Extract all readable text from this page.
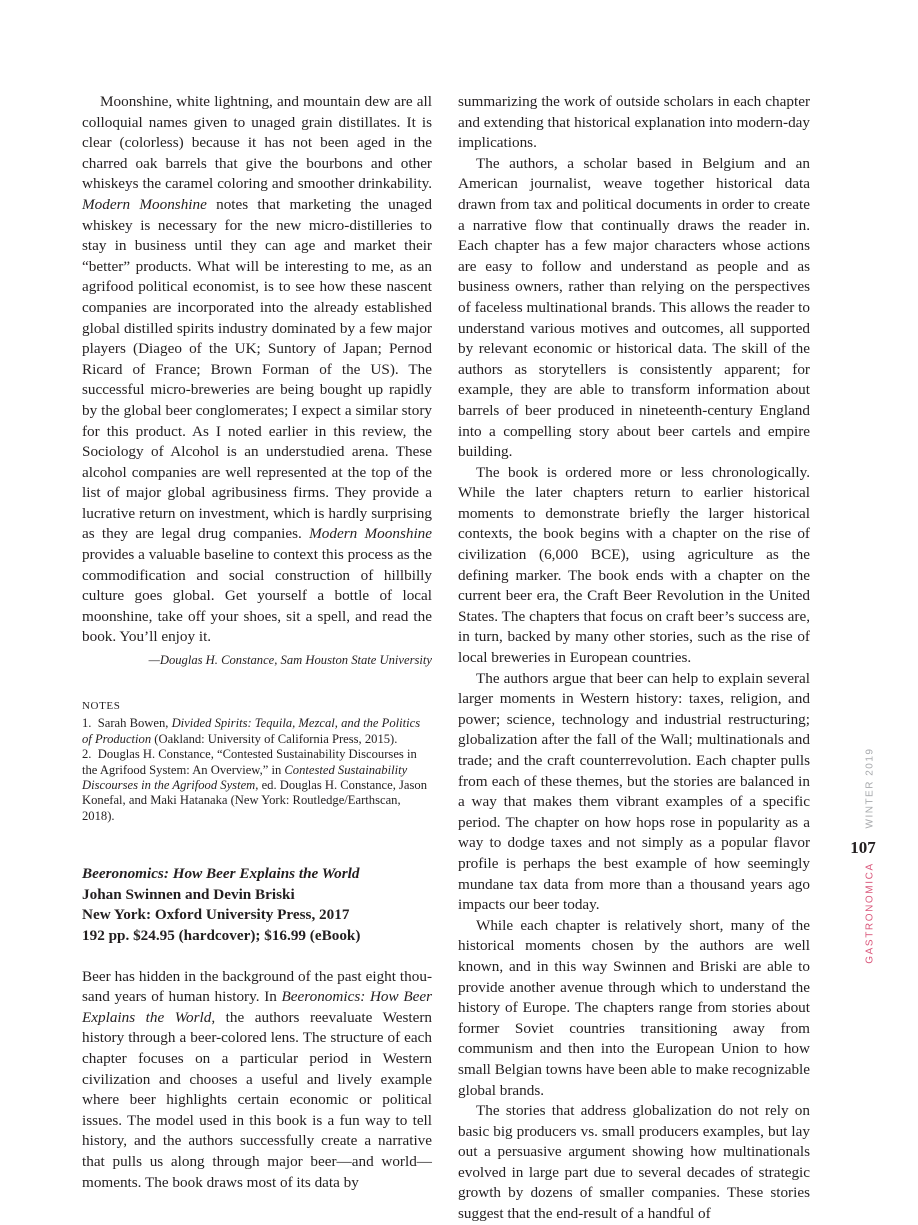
Moonshine, white lightning, and mountain dew are all colloquial names given to unaged grain distillates. It is clear (colorless) because it has not been aged in the charred oak barrels that give the bourbons and other whiskeys the caramel coloring and smoother drinkability. Modern Moonshine notes that marketing the unaged whiskey is necessary for the new micro-distilleries to stay in business until they can age and market their “better” products. What will be interesting to me, as an agrifood political economist, is to see how these nascent companies are incorporated into the already established global distilled spirits industry dominated by a few major players (Diageo of the UK; Suntory of Japan; Pernod Ricard of France; Brown Forman of the US). The successful micro-breweries are being bought up rapidly by the global beer conglomerates; I expect a similar story for this product. As I noted earlier in this review, the Sociology of Alcohol is an understudied arena. These alcohol companies are well represented at the top of the list of major global agribusiness firms. They provide a lucrative return on investment, which is hardly surprising as they are legal drug companies. Modern Moonshine provides a valuable baseline to context this process as the commodification and social construction of hillbilly culture goes global. Get yourself a bottle of local moonshine, take off your shoes, sit a spell, and read the book. You’ll enjoy it.

—Douglas H. Constance, Sam Houston State University

NOTES

1. Sarah Bowen, Divided Spirits: Tequila, Mezcal, and the Politics of Production (Oakland: University of California Press, 2015).

2. Douglas H. Constance, “Contested Sustainability Discourses in the Agrifood System: An Overview,” in Contested Sustainability Discourses in the Agrifood System, ed. Douglas H. Constance, Jason Konefal, and Maki Hatanaka (New York: Routledge/Earthscan, 2018).

Beeronomics: How Beer Explains the World
Johan Swinnen and Devin Briski
New York: Oxford University Press, 2017
192 pp. $24.95 (hardcover); $16.99 (eBook)

Beer has hidden in the background of the past eight thousand years of human history. In Beeronomics: How Beer Explains the World, the authors reevaluate Western history through a beer-colored lens. The structure of each chapter focuses on a particular period in Western civilization and chooses a useful and lively example where beer highlights certain economic or political issues. The model used in this book is a fun way to tell history, and the authors successfully create a narrative that pulls us along through major beer—and world—moments. The book draws most of its data by

summarizing the work of outside scholars in each chapter and extending that historical explanation into modern-day implications.

The authors, a scholar based in Belgium and an American journalist, weave together historical data drawn from tax and political documents in order to create a narrative flow that continually draws the reader in. Each chapter has a few major characters whose actions are easy to follow and understand as people and as business owners, rather than relying on the perspectives of faceless multinational brands. This allows the reader to understand various motives and outcomes, all supported by relevant economic or historical data. The skill of the authors as storytellers is consistently apparent; for example, they are able to transform information about barrels of beer produced in nineteenth-century England into a compelling story about beer cartels and empire building.

The book is ordered more or less chronologically. While the later chapters return to earlier historical moments to demonstrate briefly the larger historical contexts, the book begins with a chapter on the rise of civilization (6,000 BCE), using agriculture as the defining marker. The book ends with a chapter on the current beer era, the Craft Beer Revolution in the United States. The chapters that focus on craft beer’s success are, in turn, backed by many other stories, such as the rise of local breweries in European countries.

The authors argue that beer can help to explain several larger moments in Western history: taxes, religion, and power; science, technology and industrial restructuring; globalization after the fall of the Wall; multinationals and trade; and the craft counterrevolution. Each chapter pulls from each of these themes, but the stories are balanced in a way that makes them vibrant examples of a specific period. The chapter on how hops rose in popularity as a way to dodge taxes and not simply as a popular flavor profile is perhaps the best example of how seemingly mundane tax data from more than a thousand years ago impacts our beer today.

While each chapter is relatively short, many of the historical moments chosen by the authors are well known, and in this way Swinnen and Briski are able to provide another avenue through which to understand the history of Europe. The chapters range from stories about former Soviet countries transitioning away from communism and then into the European Union to how small Belgian towns have been able to make recognizable global brands.

The stories that address globalization do not rely on basic big producers vs. small producers examples, but lay out a persuasive argument showing how multinationals evolved in large part due to several decades of strategic growth by dozens of smaller companies. These stories suggest that the end-result of a handful of

WINTER 2019
107
GASTRONOMICA
